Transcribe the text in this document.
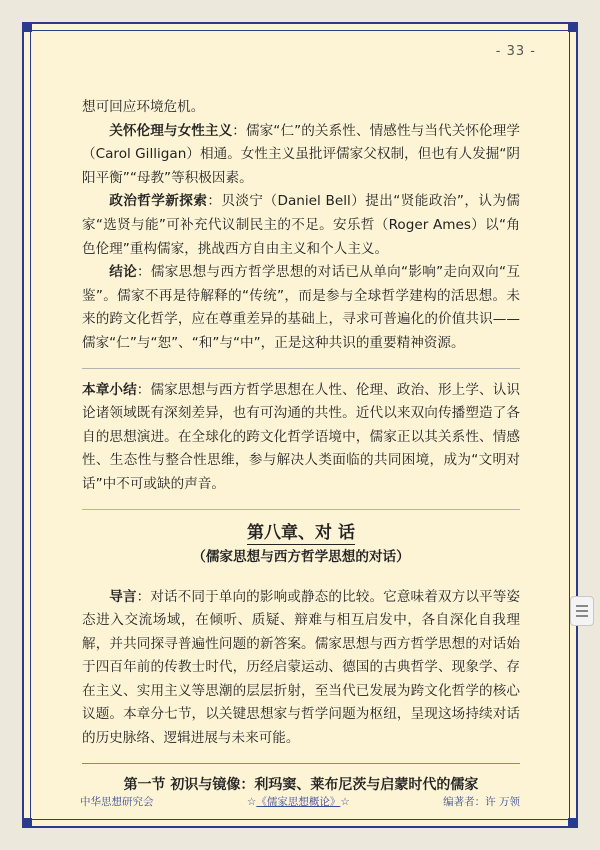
- 33 -

想可回应环境危机。

关怀伦理与女性主义：儒家“仁”的关系性、情感性与当代关怀伦理学（Carol Gilligan）相通。女性主义虽批评儒家父权制，但也有人发掘“阴阳平衡”“母教”等积极因素。

政治哲学新探索：贝淡宁（Daniel Bell）提出“贤能政治”，认为儒家“选贤与能”可补充代议制民主的不足。安乐哲（Roger Ames）以“角色伦理”重构儒家，挑战西方自由主义和个人主义。

结论：儒家思想与西方哲学思想的对话已从单向“影响”走向双向“互鉴”。儒家不再是待解释的“传统”，而是参与全球哲学建构的活思想。未来的跨文化哲学，应在尊重差异的基础上，寻求可普遍化的价值共识——儒家“仁”与“恕”、“和”与“中”，正是这种共识的重要精神资源。

本章小结：儒家思想与西方哲学思想在人性、伦理、政治、形上学、认识论诸领域既有深刻差异，也有可沟通的共性。近代以来双向传播塑造了各自的思想演进。在全球化的跨文化哲学语境中，儒家正以其关系性、情感性、生态性与整合性思维，参与解决人类面临的共同困境，成为“文明对话”中不可或缺的声音。

第八章、对 话
（儒家思想与西方哲学思想的对话）

导言：对话不同于单向的影响或静态的比较。它意味着双方以平等姿态进入交流场域，在倾听、质疑、辩难与相互启发中，各自深化自我理解，并共同探寻普遍性问题的新答案。儒家思想与西方哲学思想的对话始于四百年前的传教士时代，历经启蒙运动、德国的古典哲学、现象学、存在主义、实用主义等思潮的层层折射，至当代已发展为跨文化哲学的核心议题。本章分七节，以关键思想家与哲学问题为枢纽，呈现这场持续对话的历史脉络、逻辑进展与未来可能。

第一节 初识与镜像：利玛窦、莱布尼茨与启蒙时代的儒家
中华思想研究会	☆《儒家思想概论》☆	编著者：许 万领
